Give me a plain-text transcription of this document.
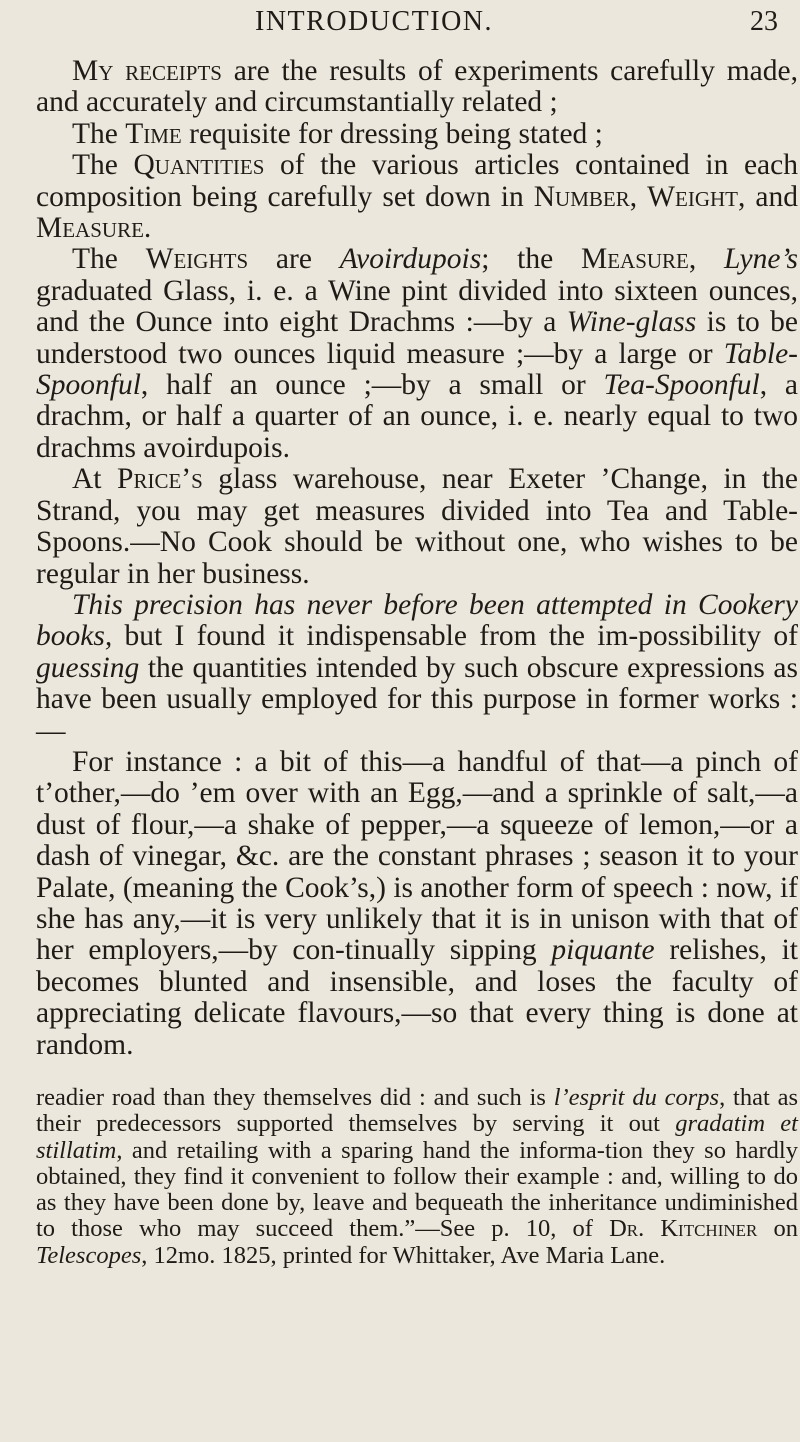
INTRODUCTION.	23

My receipts are the results of experiments carefully made, and accurately and circumstantially related ;

The Time requisite for dressing being stated ;

The Quantities of the various articles contained in each composition being carefully set down in Number, Weight, and Measure.

The Weights are Avoirdupois; the Measure, Lyne’s graduated Glass, i. e. a Wine pint divided into sixteen ounces, and the Ounce into eight Drachms :—by a Wine-glass is to be understood two ounces liquid measure ;—by a large or Table-Spoonful, half an ounce ;—by a small or Tea-Spoonful, a drachm, or half a quarter of an ounce, i. e. nearly equal to two drachms avoirdupois.

At Price’s glass warehouse, near Exeter ’Change, in the Strand, you may get measures divided into Tea and Table-Spoons.—No Cook should be without one, who wishes to be regular in her business.

This precision has never before been attempted in Cookery books, but I found it indispensable from the im-possibility of guessing the quantities intended by such obscure expressions as have been usually employed for this purpose in former works : —

For instance : a bit of this—a handful of that—a pinch of t’other,—do ’em over with an Egg,—and a sprinkle of salt,—a dust of flour,—a shake of pepper,—a squeeze of lemon,—or a dash of vinegar, &c. are the constant phrases ; season it to your Palate, (meaning the Cook’s,) is another form of speech : now, if she has any,—it is very unlikely that it is in unison with that of her employers,—by con-tinually sipping piquante relishes, it becomes blunted and insensible, and loses the faculty of appreciating delicate flavours,—so that every thing is done at random.

readier road than they themselves did : and such is l’esprit du corps, that as their predecessors supported themselves by serving it out gradatim et stillatim, and retailing with a sparing hand the informa-tion they so hardly obtained, they find it convenient to follow their example : and, willing to do as they have been done by, leave and bequeath the inheritance undiminished to those who may succeed them.”—See p. 10, of Dr. Kitchiner on Telescopes, 12mo. 1825, printed for Whittaker, Ave Maria Lane.
